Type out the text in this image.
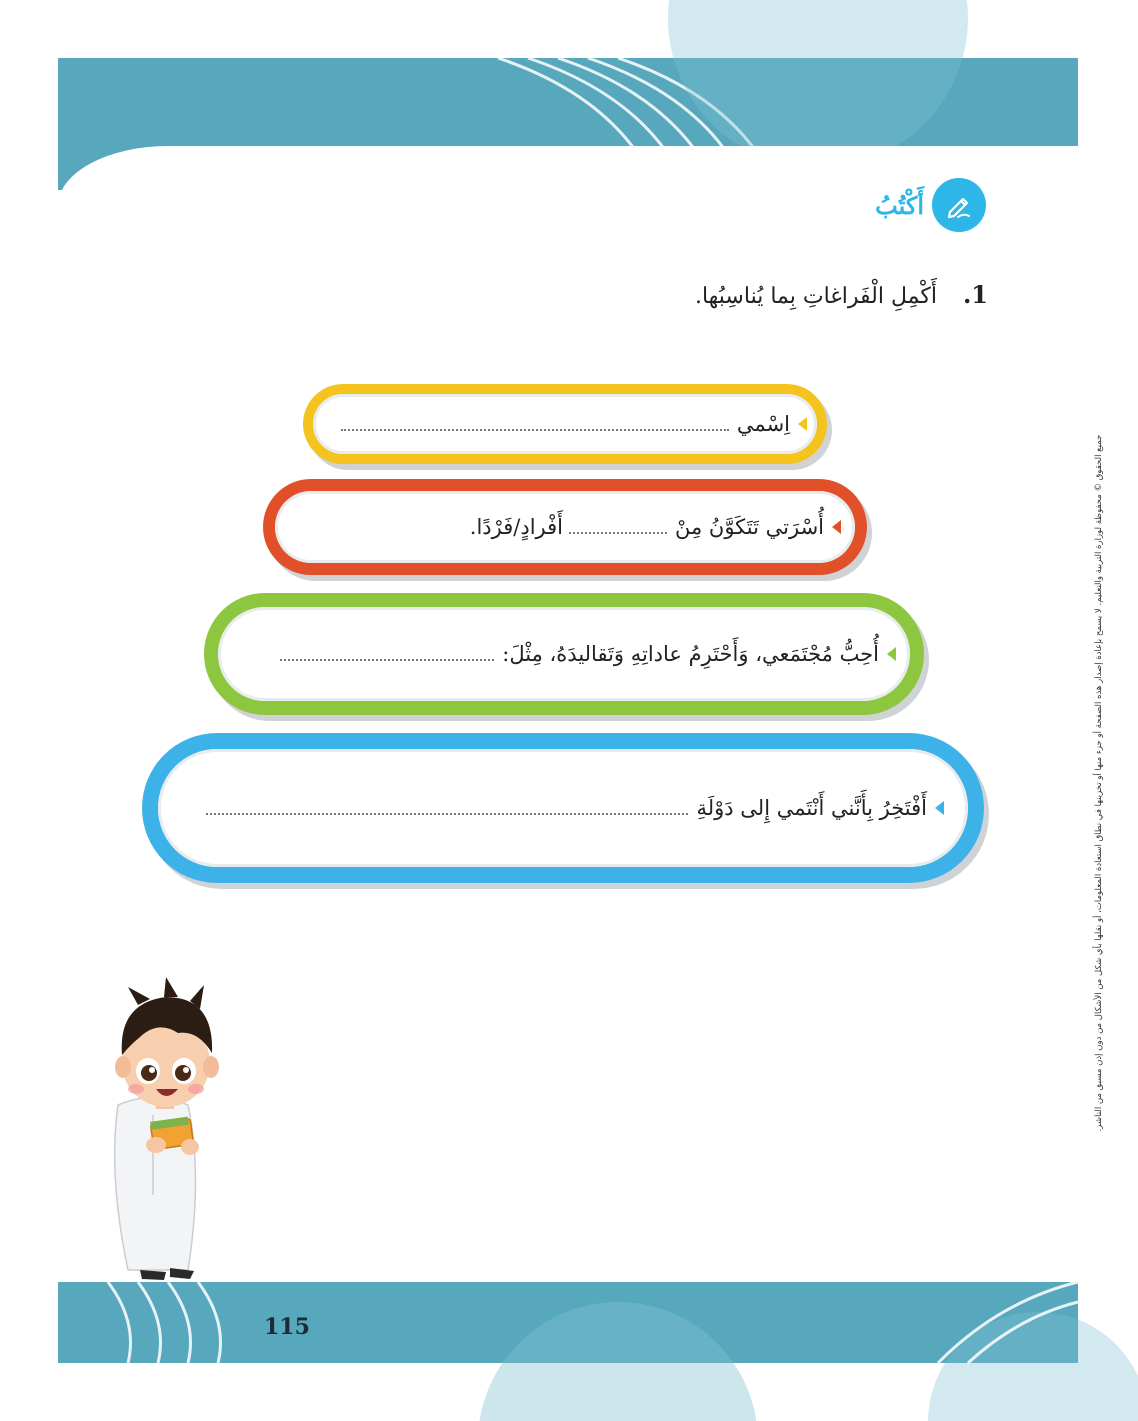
115
أَكْتُبُ
1.
أَكْمِلِ الْفَراغاتِ بِما يُناسِبُها.
اِسْمي
أُسْرَتي تَتَكَوَّنُ مِنْ
أَفْرادٍ/فَرْدًا.
أُحِبُّ مُجْتَمَعي، وَأَحْتَرِمُ عاداتِهِ وَتَقاليدَهُ، مِثْلَ:
أَفْتَخِرُ بِأَنَّني أَنْتَمي إِلى دَوْلَةِ	جميع الحقوق © محفوظة لوزارة التربية والتعليم. لا يسمح بإعادة إصدار هذه الصفحة أو جزء منها أو تخزينها في نطاق استعادة المعلومات، أو نقلها بأي شكل من الأشكال من دون إذن مسبق من الناشر.
